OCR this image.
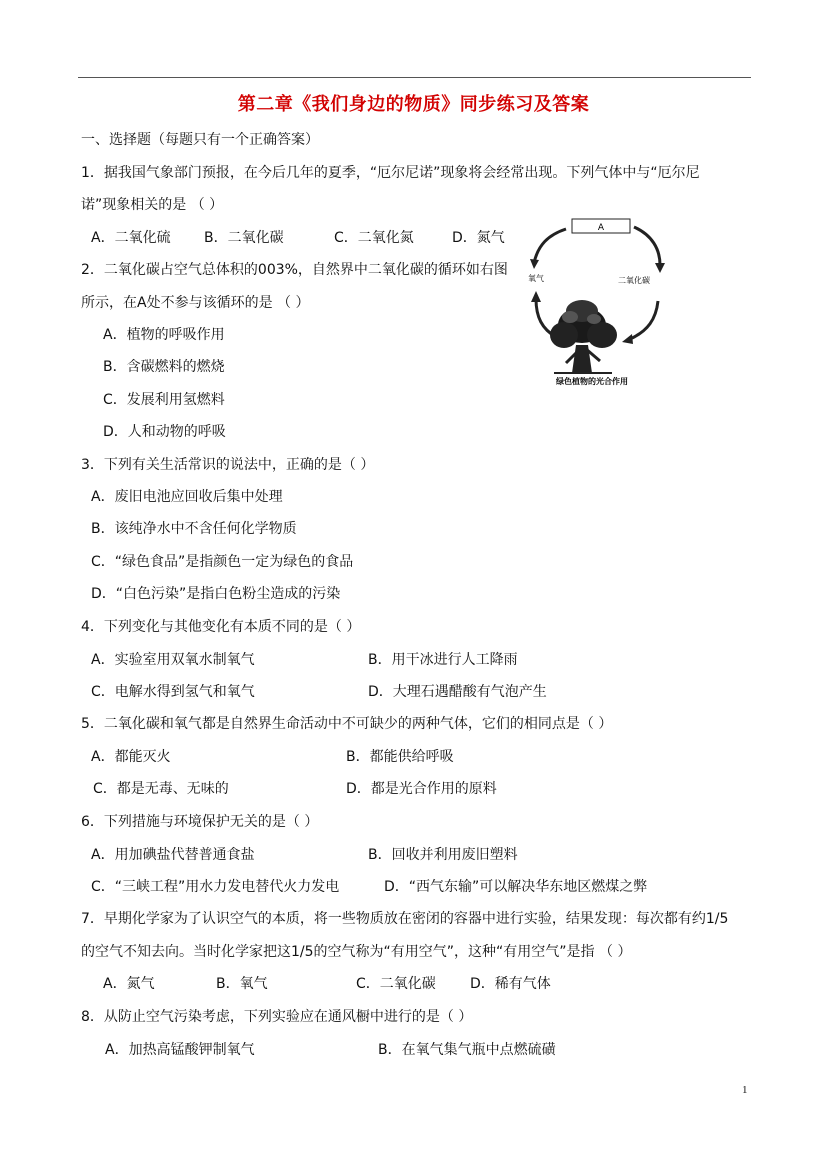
第二章《我们身边的物质》同步练习及答案
一、选择题（每题只有一个正确答案）
1．据我国气象部门预报，在今后几年的夏季，“厄尔尼诺”现象将会经常出现。下列气体中与“厄尔尼
诺”现象相关的是 （ ）
A．二氧化硫 B．二氧化碳	C．二氧化氮	D．氮气
2．二氧化碳占空气总体积的003%，自然界中二氧化碳的循环如右图
所示，在A处不参与该循环的是 （ ）
A．植物的呼吸作用
B．含碳燃料的燃烧
C．发展利用氢燃料
D．人和动物的呼吸
A
氧气	二氧化碳
绿色植物的光合作用
3．下列有关生活常识的说法中，正确的是（ ）
A．废旧电池应回收后集中处理
B．该纯净水中不含任何化学物质
C．“绿色食品”是指颜色一定为绿色的食品
D．“白色污染”是指白色粉尘造成的污染
4．下列变化与其他变化有本质不同的是（ ）
A．实验室用双氧水制氧气	B．用干冰进行人工降雨
C．电解水得到氢气和氧气	D．大理石遇醋酸有气泡产生
5．二氧化碳和氧气都是自然界生命活动中不可缺少的两种气体，它们的相同点是（ ）
A．都能灭火	B．都能供给呼吸
C．都是无毒、无味的	D．都是光合作用的原料
6．下列措施与环境保护无关的是（ ）
A．用加碘盐代替普通食盐	B．回收并利用废旧塑料
C．“三峡工程”用水力发电替代火力发电	D．“西气东输”可以解决华东地区燃煤之弊
7．早期化学家为了认识空气的本质，将一些物质放在密闭的容器中进行实验，结果发现：每次都有约1/5
的空气不知去向。当时化学家把这1/5的空气称为“有用空气”，这种“有用空气”是指 （ ）
A．氮气	B．氧气	C．二氧化碳 D．稀有气体
8．从防止空气污染考虑，下列实验应在通风橱中进行的是（ ）
A．加热高锰酸钾制氧气	B．在氧气集气瓶中点燃硫磺
1
